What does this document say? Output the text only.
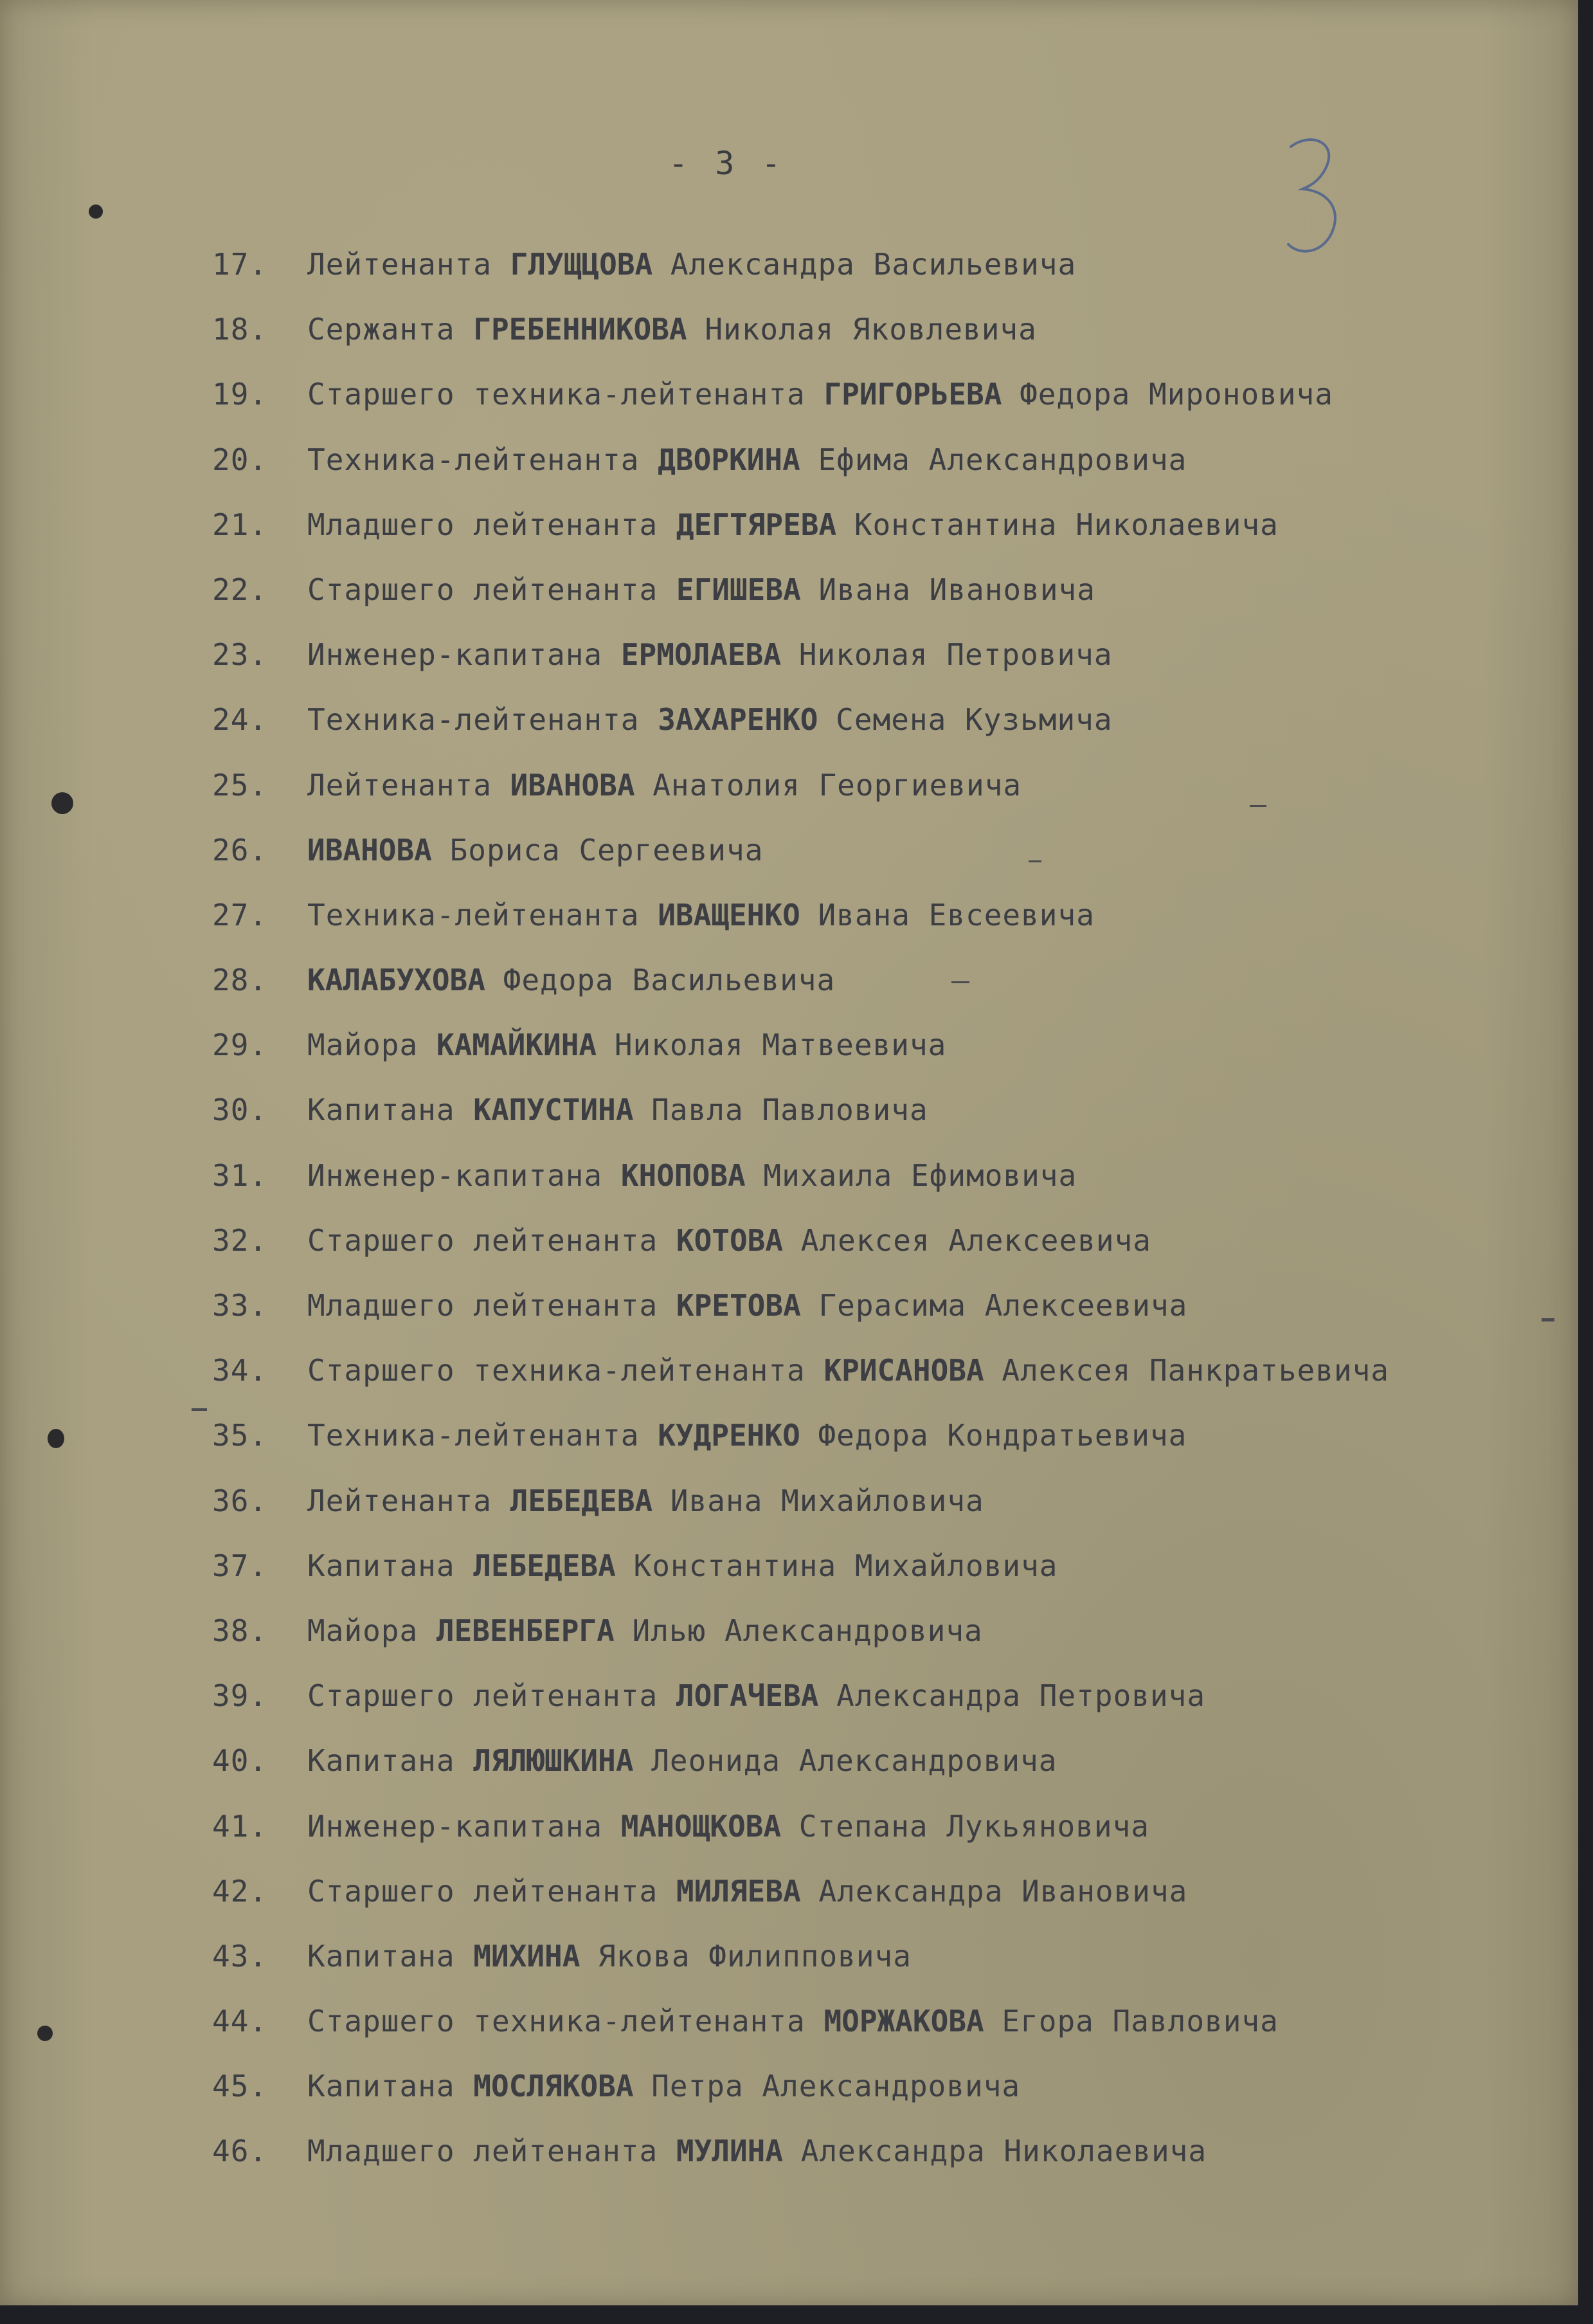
- 3 -
17. Лейтенанта ГЛУЩЦОВА Александра Васильевича
18. Сержанта ГРЕБЕННИКОВА Николая Яковлевича
19. Старшего техника-лейтенанта ГРИГОРЬЕВА Федора Мироновича
20. Техника-лейтенанта ДВОРКИНА Ефима Александровича
21. Младшего лейтенанта ДЕГТЯРЕВА Константина Николаевича
22. Старшего лейтенанта ЕГИШЕВА Ивана Ивановича
23. Инженер-капитана ЕРМОЛАЕВА Николая Петровича
24. Техника-лейтенанта ЗАХАРЕНКО Семена Кузьмича
25. Лейтенанта ИВАНОВА Анатолия Георгиевича
26. ИВАНОВА Бориса Сергеевича
27. Техника-лейтенанта ИВАЩЕНКО Ивана Евсеевича
28. КАЛАБУХОВА Федора Васильевича
29. Майора КАМАЙКИНА Николая Матвеевича
30. Капитана КАПУСТИНА Павла Павловича
31. Инженер-капитана КНОПОВА Михаила Ефимовича
32. Старшего лейтенанта КОТОВА Алексея Алексеевича
33. Младшего лейтенанта КРЕТОВА Герасима Алексеевича
34. Старшего техника-лейтенанта КРИСАНОВА Алексея Панкратьевича
35. Техника-лейтенанта КУДРЕНКО Федора Кондратьевича
36. Лейтенанта ЛЕБЕДЕВА Ивана Михайловича
37. Капитана ЛЕБЕДЕВА Константина Михайловича
38. Майора ЛЕВЕНБЕРГА Илью Александровича
39. Старшего лейтенанта ЛОГАЧЕВА Александра Петровича
40. Капитана ЛЯЛЮШКИНА Леонида Александровича
41. Инженер-капитана МАНОЩКОВА Степана Лукьяновича
42. Старшего лейтенанта МИЛЯЕВА Александра Ивановича
43. Капитана МИХИНА Якова Филипповича
44. Старшего техника-лейтенанта МОРЖАКОВА Егора Павловича
45. Капитана МОСЛЯКОВА Петра Александровича
46. Младшего лейтенанта МУЛИНА Александра Николаевича
